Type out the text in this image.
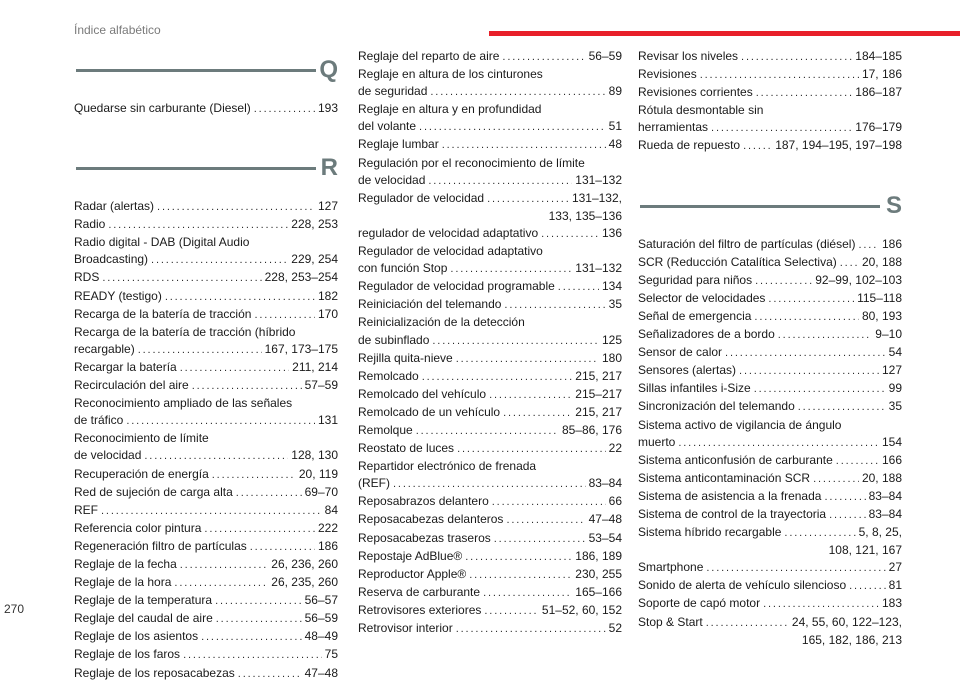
Índice alfabético
Q
Quedarse sin carburante (Diesel) . . .	193
R
Radar (alertas) . . .	127
Radio . . .	228, 253
Radio digital - DAB (Digital Audio
Broadcasting) . . .	229, 254
RDS . . .	228, 253–254
READY (testigo) . . .	182
Recarga de la batería de tracción . . .	170
Recarga de la batería de tracción (híbrido
recargable) . . .	167, 173–175
Recargar la batería . . .	211, 214
Recirculación del aire . . .	57–59
Reconocimiento ampliado de las señales
de tráfico . . .	131
Reconocimiento de límite
de velocidad . . .	128, 130
Recuperación de energía . . .	20, 119
Red de sujeción de carga alta . . .	69–70
REF . . .	84
Referencia color pintura . . .	222
Regeneración filtro de partículas . . .	186
Reglaje de la fecha . . .	26, 236, 260
Reglaje de la hora . . .	26, 235, 260
Reglaje de la temperatura . . .	56–57
Reglaje del caudal de aire . . .	56–59
Reglaje de los asientos . . .	48–49
Reglaje de los faros . . .	75
Reglaje de los reposacabezas . . .	47–48
Reglaje del reparto de aire . . .	56–59
Reglaje en altura de los cinturones
de seguridad . . .	89
Reglaje en altura y en profundidad
del volante . . .	51
Reglaje lumbar . . .	48
Regulación por el reconocimiento de límite
de velocidad . . .	131–132
Regulador de velocidad . . .	131–132,
133, 135–136
regulador de velocidad adaptativo . . .	136
Regulador de velocidad adaptativo
con función Stop . . .	131–132
Regulador de velocidad programable . . .	134
Reiniciación del telemando . . .	35
Reinicialización de la detección
de subinflado . . .	125
Rejilla quita-nieve . . .	180
Remolcado . . .	215, 217
Remolcado del vehículo . . .	215–217
Remolcado de un vehículo . . .	215, 217
Remolque . . .	85–86, 176
Reostato de luces . . .	22
Repartidor electrónico de frenada
(REF) . . .	83–84
Reposabrazos delantero . . .	66
Reposacabezas delanteros . . .	47–48
Reposacabezas traseros . . .	53–54
Repostaje AdBlue® . . .	186, 189
Reproductor Apple® . . .	230, 255
Reserva de carburante . . .	165–166
Retrovisores exteriores . . .	51–52, 60, 152
Retrovisor interior . . .	52
Revisar los niveles . . .	184–185
Revisiones . . .	17, 186
Revisiones corrientes . . .	186–187
Rótula desmontable sin
herramientas . . .	176–179
Rueda de repuesto . . .	187, 194–195, 197–198
S
Saturación del filtro de partículas (diésel) . . . 186
SCR (Reducción Catalítica Selectiva) . . . 20, 188
Seguridad para niños . . .	92–99, 102–103
Selector de velocidades . . .	115–118
Señal de emergencia . . .	80, 193
Señalizadores de a bordo . . .	9–10
Sensor de calor . . .	54
Sensores (alertas) . . .	127
Sillas infantiles i-Size . . .	99
Sincronización del telemando . . .	35
Sistema activo de vigilancia de ángulo
muerto . . .	154
Sistema anticonfusión de carburante . . .	166
Sistema anticontaminación SCR . . .	20, 188
Sistema de asistencia a la frenada . . .	83–84
Sistema de control de la trayectoria . . .	83–84
Sistema híbrido recargable . . .	5, 8, 25,
108, 121, 167
Smartphone . . .	27
Sonido de alerta de vehículo silencioso . . .	81
Soporte de capó motor . . .	183
Stop & Start . . .	24, 55, 60, 122–123,
165, 182, 186, 213
270
